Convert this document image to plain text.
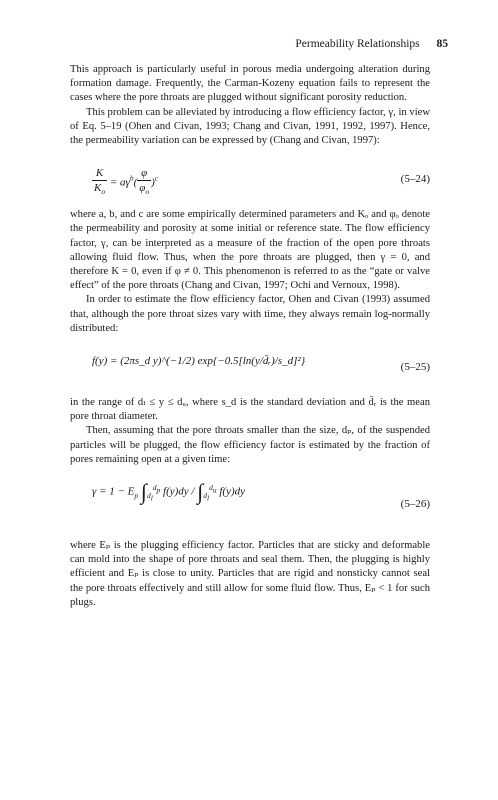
Permeability Relationships 85

This approach is particularly useful in porous media undergoing alteration during formation damage. Frequently, the Carman-Kozeny equation fails to represent the cases where the pore throats are plugged without significant porosity reduction.

This problem can be alleviated by introducing a flow efficiency factor, γ, in view of Eq. 5–19 (Ohen and Civan, 1993; Chang and Civan, 1991, 1992, 1997). Hence, the permeability variation can be expressed by (Chang and Civan, 1997):

$\frac{K}{K_o} = a\gamma^b( \frac{\varphi}{\varphi_o} )^c$	(5–24)

where a, b, and c are some empirically determined parameters and Kₒ and φₒ denote the permeability and porosity at some initial or reference state. The flow efficiency factor, γ, can be interpreted as a measure of the fraction of the open pore throats allowing fluid flow. Thus, when the pore throats are plugged, then γ = 0, and therefore K = 0, even if φ ≠ 0. This phenomenon is referred to as the “gate or valve effect” of the pore throats (Chang and Civan, 1997; Ochi and Vernoux, 1998).

In order to estimate the flow efficiency factor, Ohen and Civan (1993) assumed that, although the pore throat sizes vary with time, they always remain log-normally distributed:

f(y) = (2πs_d y)^(−1/2) exp{−0.5[ln(y/d̄ᵣ)/s_d]²}	(5–25)

in the range of dₗ ≤ y ≤ dᵤ, where s_d is the standard deviation and d̄ᵣ is the mean pore throat diameter.

Then, assuming that the pore throats smaller than the size, dₚ, of the suspended particles will be plugged, the flow efficiency factor is estimated by the fraction of pores remaining open at a given time:

$\gamma = 1 - E_p$ $\int_{d_l}^{d_p}$ $f(y)dy / \int_{d_l}^{d_u}$ f(y)dy
(5–26)

where Eₚ is the plugging efficiency factor. Particles that are sticky and deformable can mold into the shape of pore throats and seal them. Then, the plugging is highly efficient and Eₚ is close to unity. Particles that are rigid and nonsticky cannot seal the pore throats effectively and still allow for some fluid flow. Thus, Eₚ < 1 for such plugs.
